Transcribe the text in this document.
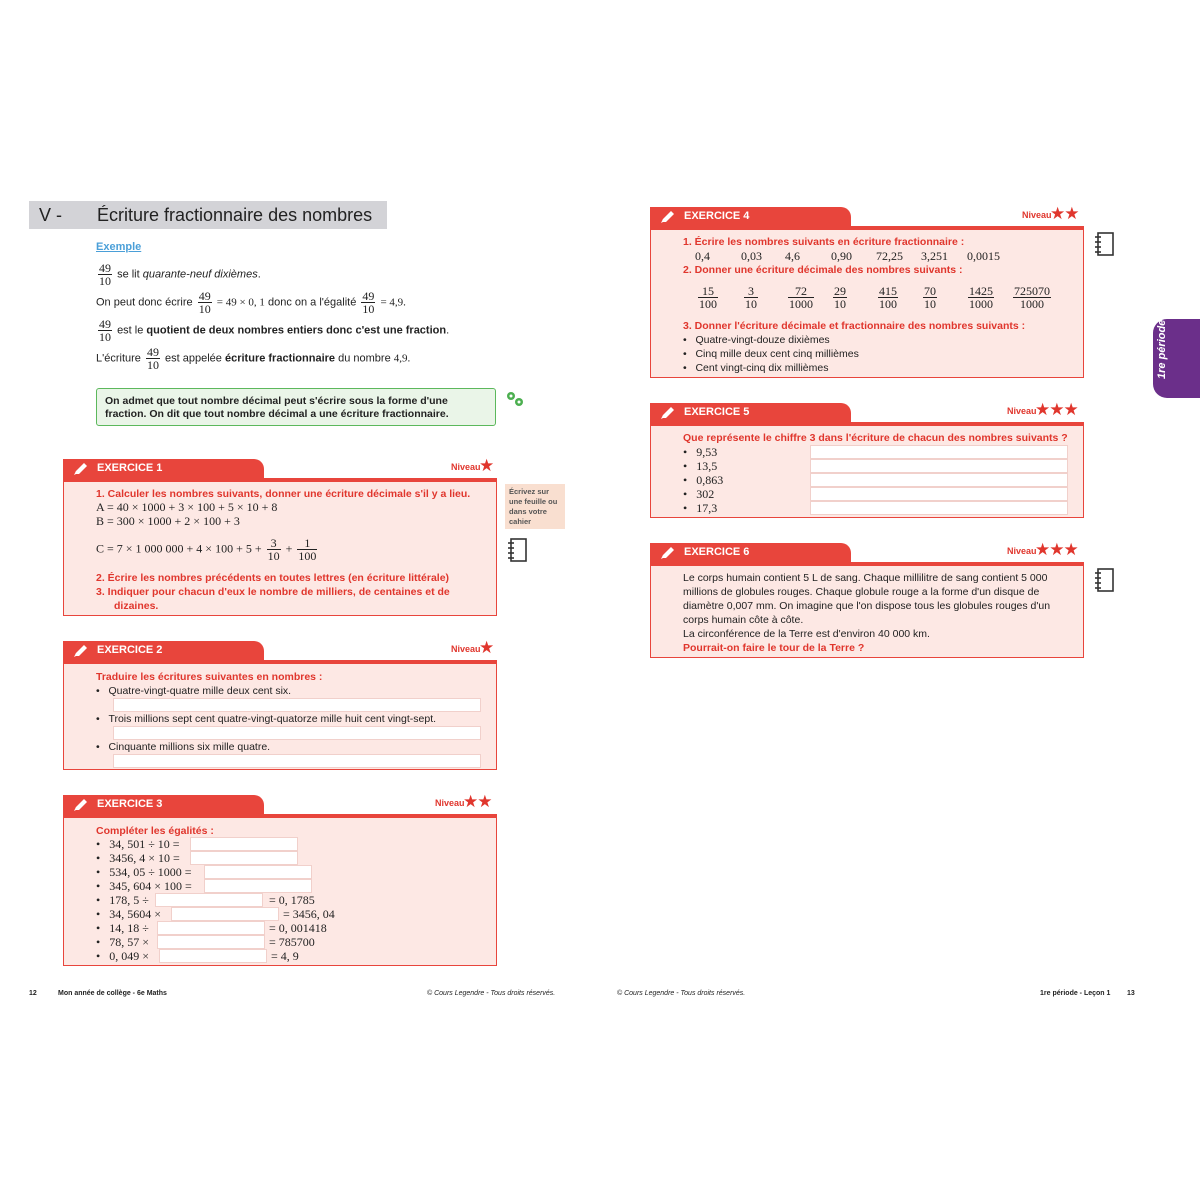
V - Écriture fractionnaire des nombres
Exemple
$\frac{49}{10}$ se lit quarante-neuf dixièmes.
On peut donc écrire $\frac{49}{10} = 49 \times 0$, 1 donc on a l'égalité $\frac{49}{10} = 4,9$.
$\frac{49}{10}$ est le quotient de deux nombres entiers donc c'est une fraction.
L'écriture $\frac{49}{10}$ est appelée écriture fractionnaire du nombre 4,9.
On admet que tout nombre décimal peut s'écrire sous la forme d'une fraction. On dit que tout nombre décimal a une écriture fractionnaire.
Écrivez sur une feuille ou dans votre cahier
EXERCICE 1	Niveau
★
1. Calculer les nombres suivants, donner une écriture décimale s'il y a lieu.
A = 40 × 1000 + 3 × 100 + 5 × 10 + 8
B = 300 × 1000 + 2 × 100 + 3
C = 7 × 1 000 $000 + 4 \times 100 + 5 + \frac{3}{10} + \frac{1}{100}$
2. Écrire les nombres précédents en toutes lettres (en écriture littérale)
3. Indiquer pour chacun d'eux le nombre de milliers, de centaines et de
dizaines.
EXERCICE 2	Niveau
★
Traduire les écritures suivantes en nombres :
•   Quatre-vingt-quatre mille deux cent six.
•   Trois millions sept cent quatre-vingt-quatorze mille huit cent vingt-sept.
•   Cinquante millions six mille quatre.
EXERCICE 3	Niveau
★★
Compléter les égalités :
•   34, 501 ÷ 10 =
•   3456, 4 × 10 =
•   534, 05 ÷ 1000 =
•   345, 604 × 100 =
•   178, 5 ÷	= 0, 1785
•   34, 5604 ×	= 3456, 04
•   14, 18 ÷	= 0, 001418
•   78, 57 ×	= 785700
•   0, 049 ×	= 4, 9
EXERCICE 4	Niveau
★★
1. Écrire les nombres suivants en écriture fractionnaire :
0,4	0,03 4,6	0,90 72,25 3,251 0,0015
2. Donner une écriture décimale des nombres suivants :
$\frac{15}{100} \frac{3}{10}$	$\frac{72}{1000} \frac{29}{10}$	$\frac{415}{100} \frac{70}{10}$	$\frac{1425}{1000} \frac{725070}{1000}$
3. Donner l'écriture décimale et fractionnaire des nombres suivants :
•   Quatre-vingt-douze dixièmes
•   Cinq mille deux cent cinq millièmes
•   Cent vingt-cinq dix millièmes
EXERCICE 5	Niveau
★★★
Que représente le chiffre 3 dans l'écriture de chacun des nombres suivants ?
•   9,53
•   13,5
•   0,863
•   302
•   17,3
EXERCICE 6	Niveau
★★★
Le corps humain contient 5 L de sang. Chaque millilitre de sang contient 5 000
millions de globules rouges. Chaque globule rouge a la forme d'un disque de
diamètre 0,007 mm. On imagine que l'on dispose tous les globules rouges d'un
corps humain côte à côte.
La circonférence de la Terre est d'environ 40 000 km.
Pourrait-on faire le tour de la Terre ?
1re période
12	Mon année de collège - 6e Maths	© Cours Legendre - Tous droits réservés.	© Cours Legendre - Tous droits réservés.	1re période - Leçon 1 13
